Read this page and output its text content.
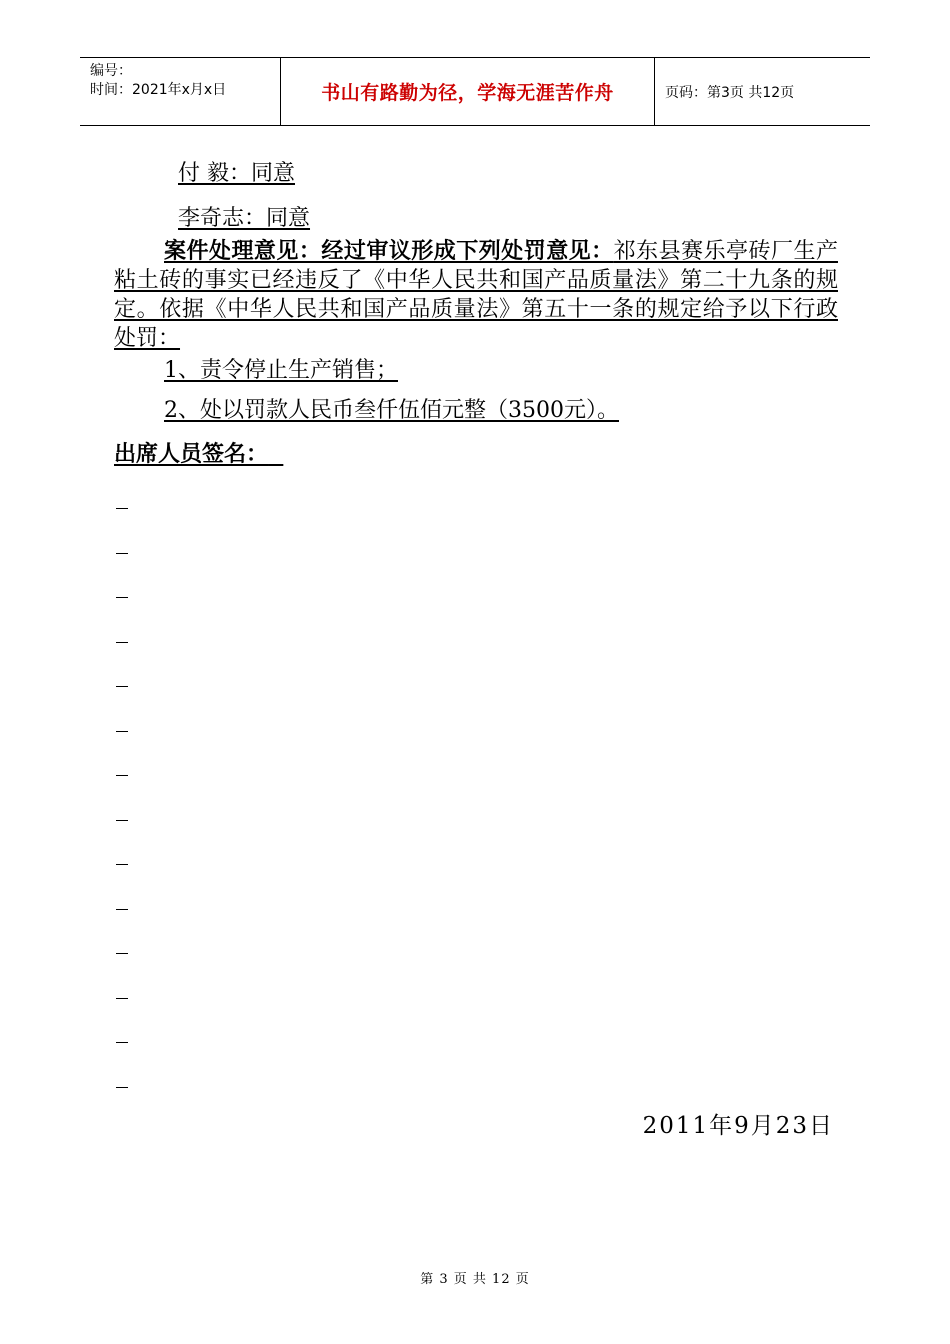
编号：
时间：2021年x月x日	书山有路勤为径，学海无涯苦作舟	页码：第3页 共12页
付 毅：同意
李奇志：同意
案件处理意见：经过审议形成下列处罚意见：祁东县赛乐亭砖厂生产粘土砖的事实已经违反了《中华人民共和国产品质量法》第二十九条的规定。依据《中华人民共和国产品质量法》第五十一条的规定给予以下行政处罚：
1、责令停止生产销售；
2、处以罚款人民币叁仟伍佰元整（3500元）。
出席人员签名：
2011年9月23日
第 3 页 共 12 页
